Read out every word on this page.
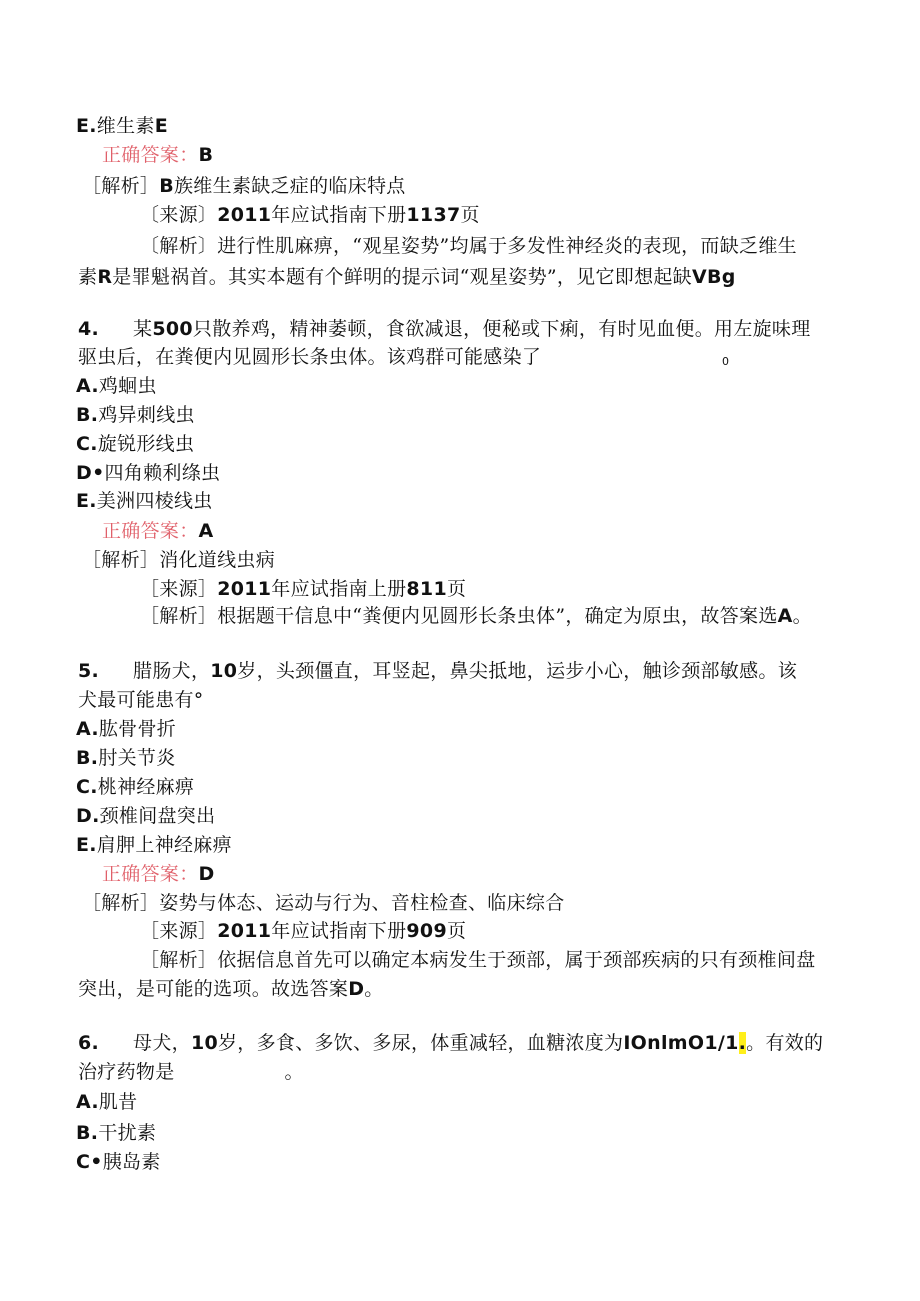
E.维生素E
正确答案：B
［解析］B族维生素缺乏症的临床特点
〔来源〕2011年应试指南下册1137页
〔解析〕进行性肌麻痹，“观星姿势”均属于多发性神经炎的表现，而缺乏维生
素R是罪魁祸首。其实本题有个鲜明的提示词“观星姿势”，见它即想起缺VBg
4. 某500只散养鸡，精神萎顿，食欲减退，便秘或下痢，有时见血便。用左旋味理
驱虫后，在粪便内见圆形长条虫体。该鸡群可能感染了	0
A.鸡蛔虫
B.鸡异刺线虫
C.旋锐形线虫
D•四角赖利绦虫
E.美洲四棱线虫
正确答案：A
［解析］消化道线虫病
［来源］2011年应试指南上册811页
［解析］根据题干信息中“粪便内见圆形长条虫体”，确定为原虫，故答案选A。
5. 腊肠犬，10岁，头颈僵直，耳竖起，鼻尖抵地，运步小心，触诊颈部敏感。该
犬最可能患有°
A.肱骨骨折
B.肘关节炎
C.桃神经麻痹
D.颈椎间盘突出
E.肩胛上神经麻痹
正确答案：D
［解析］姿势与体态、运动与行为、音柱检查、临床综合
［来源］2011年应试指南下册909页
［解析］依据信息首先可以确定本病发生于颈部，属于颈部疾病的只有颈椎间盘
突出，是可能的选项。故选答案D。
6. 母犬，10岁，多食、多饮、多尿，体重减轻，血糖浓度为IOnlmO1/1.。有效的
治疗药物是	。
A.肌昔
B.干扰素
C•胰岛素
